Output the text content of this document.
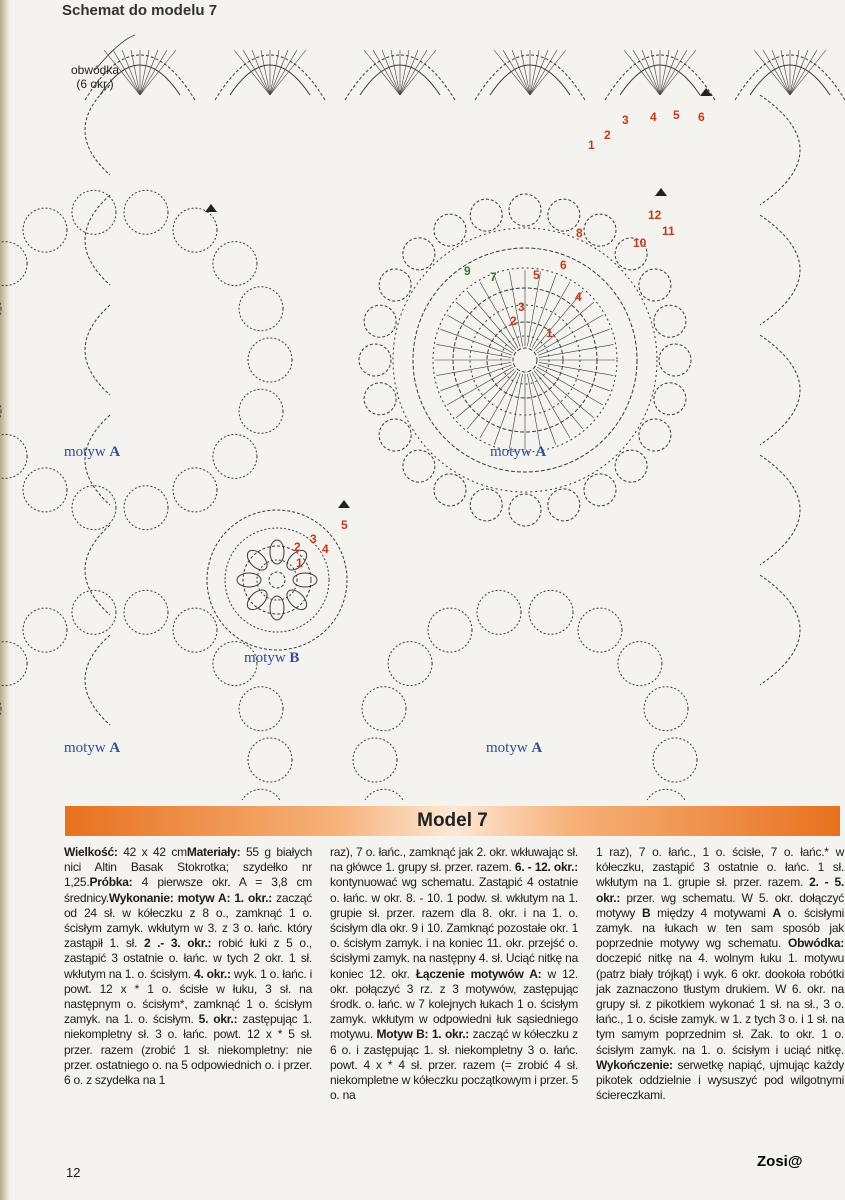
Schemat do modelu 7
obwódka
(6 okr.)
motyw A	motyw A
motyw B
motyw A	motyw A
1
2
3
4
5
6
7
8
9
10
11
12
1
2
3 4 5 6
1
2
3
4
5
Model 7
Wielkość: 42 x 42 cmMateriały: 55 g białych nici Altin Basak Stokrotka; szydełko nr 1,25.Próbka: 4 pierwsze okr. A = 3,8 cm średnicy.Wykonanie: motyw A: 1. okr.: zacząć od 24 sł. w kółeczku z 8 o., zamknąć 1 o. ścisłym zamyk. wkłutym w 3. z 3 o. łańc. który zastąpił 1. sł. 2 .- 3. okr.: robić łuki z 5 o., zastąpić 3 ostatnie o. łańc. w tych 2 okr. 1 sł. wkłutym na 1. o. ścisłym. 4. okr.: wyk. 1 o. łańc. i powt. 12 x * 1 o. ścisłe w łuku, 3 sł. na następnym o. ścisłym*, zamknąć 1 o. ścisłym zamyk. na 1. o. ścisłym. 5. okr.: zastępując 1. niekompletny sł. 3 o. łańc. powt. 12 x * 5 sł. przer. razem (zrobić 1 sł. niekompletny: nie przer. ostatniego o. na 5 odpowiednich o. i przer. 6 o. z szydełka na 1
raz), 7 o. łańc., zamknąć jak 2. okr. wkłuwając sł. na główce 1. grupy sł. przer. razem. 6. - 12. okr.: kontynuować wg schematu. Zastąpić 4 ostatnie o. łańc. w okr. 8. - 10. 1 podw. sł. wkłutym na 1. grupie sł. przer. razem dla 8. okr. i na 1. o. ścisłym dla okr. 9 i 10. Zamknąć pozostałe okr. 1 o. ścisłym zamyk. i na koniec 11. okr. przejść o. ścisłymi zamyk. na następny 4. sł. Uciąć nitkę na koniec 12. okr. Łączenie motywów A: w 12. okr. połączyć 3 rz. z 3 motywów, zastępując środk. o. łańc. w 7 kolejnych łukach 1 o. ścisłym zamyk. wkłutym w odpowiedni łuk sąsiedniego motywu. Motyw B: 1. okr.: zacząć w kółeczku z 6 o. i zastępując 1. sł. niekompletny 3 o. łańc. powt. 4 x * 4 sł. przer. razem (= zrobić 4 sł. niekompletne w kółeczku początkowym i przer. 5 o. na
1 raz), 7 o. łańc., 1 o. ścisłe, 7 o. łańc.* w kółeczku, zastąpić 3 ostatnie o. łańc. 1 sł. wkłutym na 1. grupie sł. przer. razem. 2. - 5. okr.: przer. wg schematu. W 5. okr. dołączyć motywy B między 4 motywami A o. ścisłymi zamyk. na łukach w ten sam sposób jak poprzednie motywy wg schematu. Obwódka: doczepić nitkę na 4. wolnym łuku 1. motywu (patrz biały trójkąt) i wyk. 6 okr. dookoła robótki jak zaznaczono tłustym drukiem. W 6. okr. na grupy sł. z pikotkiem wykonać 1 sł. na sł., 3 o. łańc., 1 o. ścisłe zamyk. w 1. z tych 3 o. i 1 sł. na tym samym poprzednim sł. Zak. to okr. 1 o. ścisłym zamyk. na 1. o. ścisłym i uciąć nitkę. Wykończenie: serwetkę napiąć, ujmując każdy pikotek oddzielnie i wysuszyć pod wilgotnymi ściereczkami.
12
Zosi@
